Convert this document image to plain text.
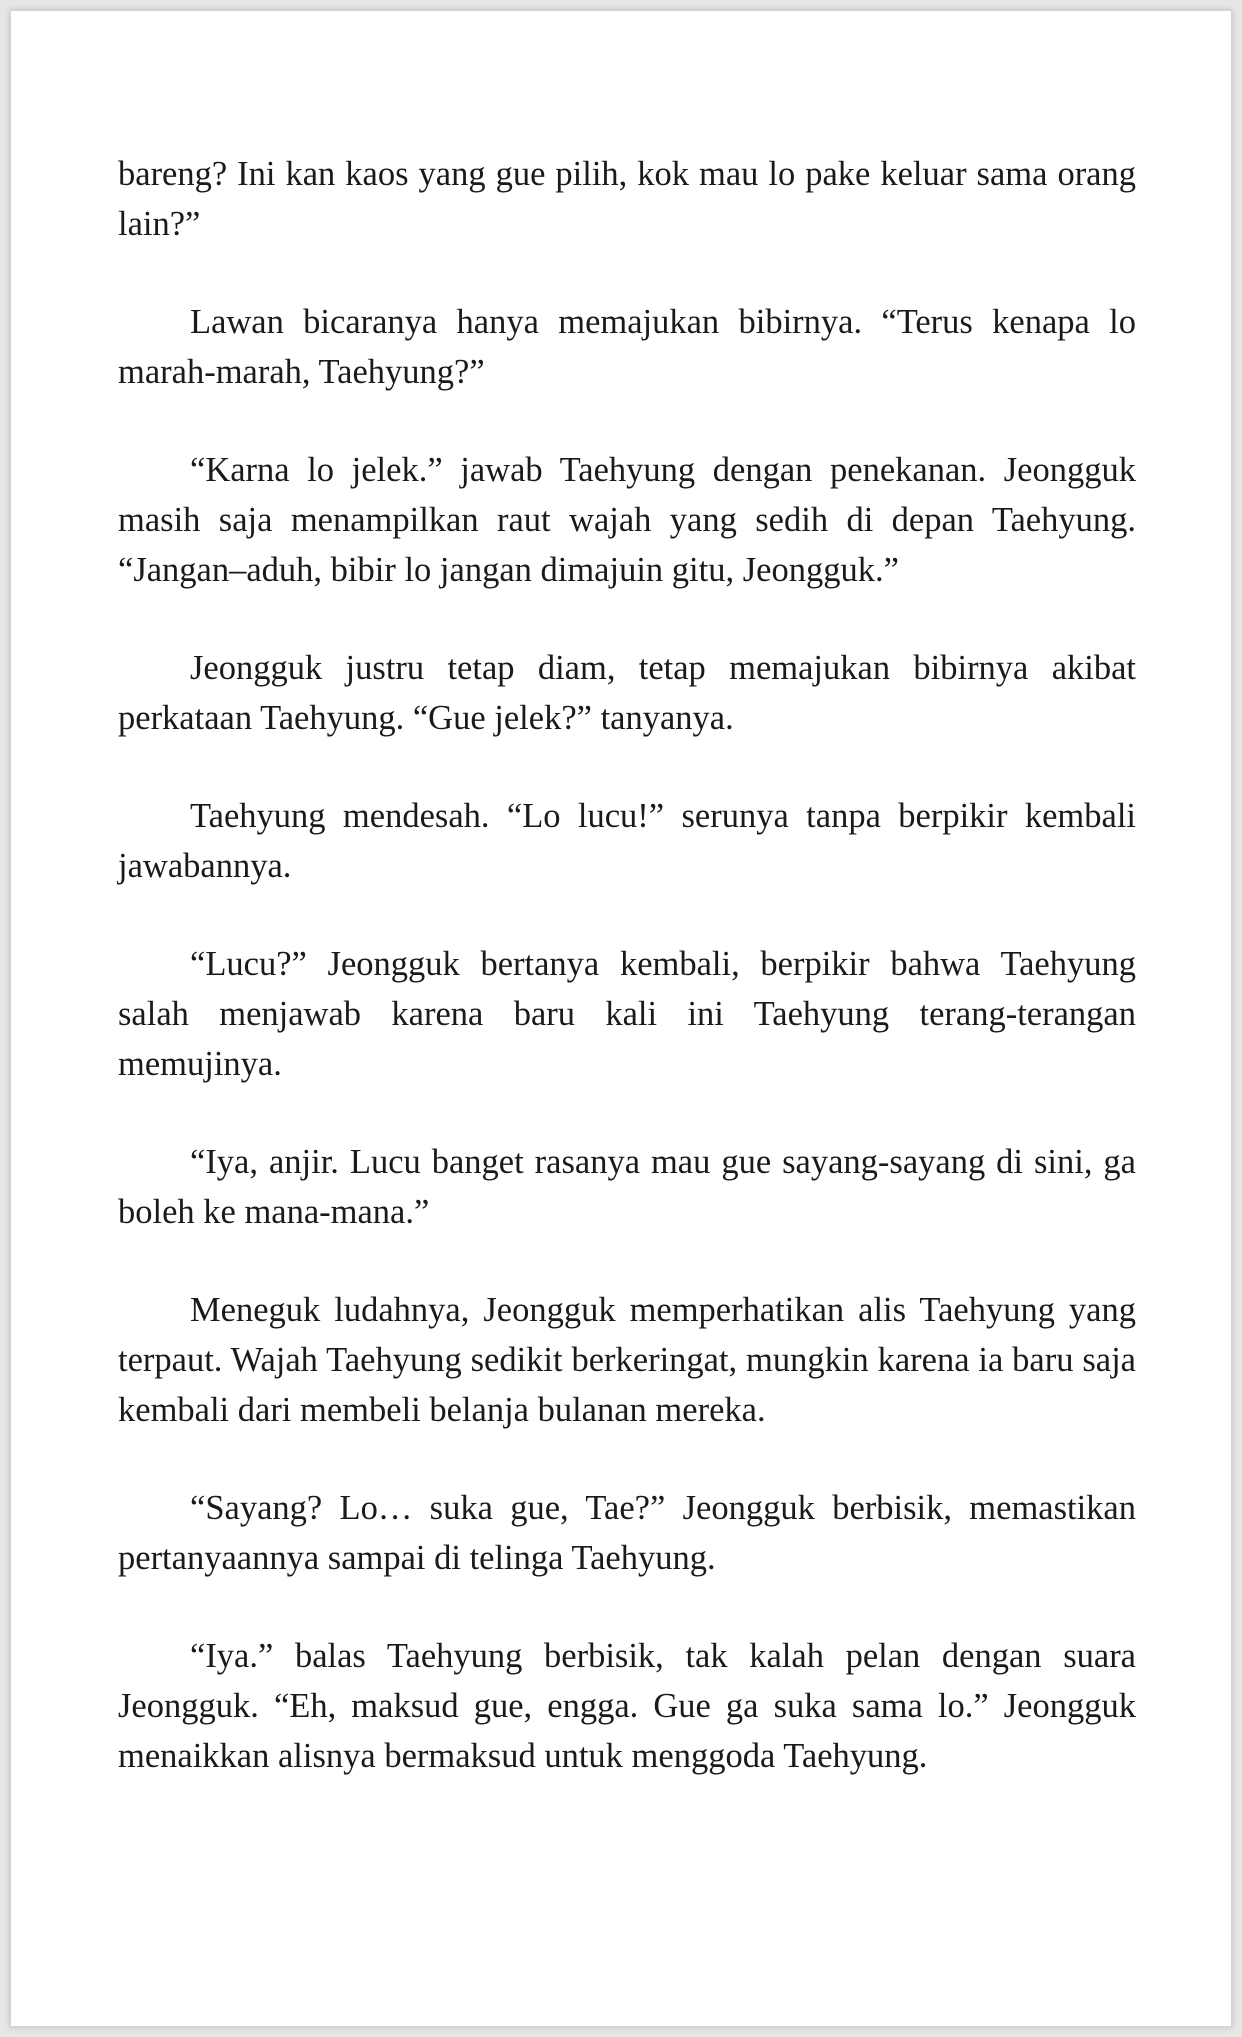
bareng? Ini kan kaos yang gue pilih, kok mau lo pake keluar sama orang lain?”

Lawan bicaranya hanya memajukan bibirnya. “Terus kenapa lo marah-marah, Taehyung?”

“Karna lo jelek.” jawab Taehyung dengan penekanan. Jeongguk masih saja menampilkan raut wajah yang sedih di depan Taehyung. “Jangan–aduh, bibir lo jangan dimajuin gitu, Jeongguk.”

Jeongguk justru tetap diam, tetap memajukan bibirnya akibat perkataan Taehyung. “Gue jelek?” tanyanya.

Taehyung mendesah. “Lo lucu!” serunya tanpa berpikir kembali jawabannya.

“Lucu?” Jeongguk bertanya kembali, berpikir bahwa Taehyung salah menjawab karena baru kali ini Taehyung terang-terangan memujinya.

“Iya, anjir. Lucu banget rasanya mau gue sayang-sayang di sini, ga boleh ke mana-mana.”

Meneguk ludahnya, Jeongguk memperhatikan alis Taehyung yang terpaut. Wajah Taehyung sedikit berkeringat, mungkin karena ia baru saja kembali dari membeli belanja bulanan mereka.

“Sayang? Lo… suka gue, Tae?” Jeongguk berbisik, memastikan pertanyaannya sampai di telinga Taehyung.

“Iya.” balas Taehyung berbisik, tak kalah pelan dengan suara Jeongguk. “Eh, maksud gue, engga. Gue ga suka sama lo.” Jeongguk menaikkan alisnya bermaksud untuk menggoda Taehyung.
